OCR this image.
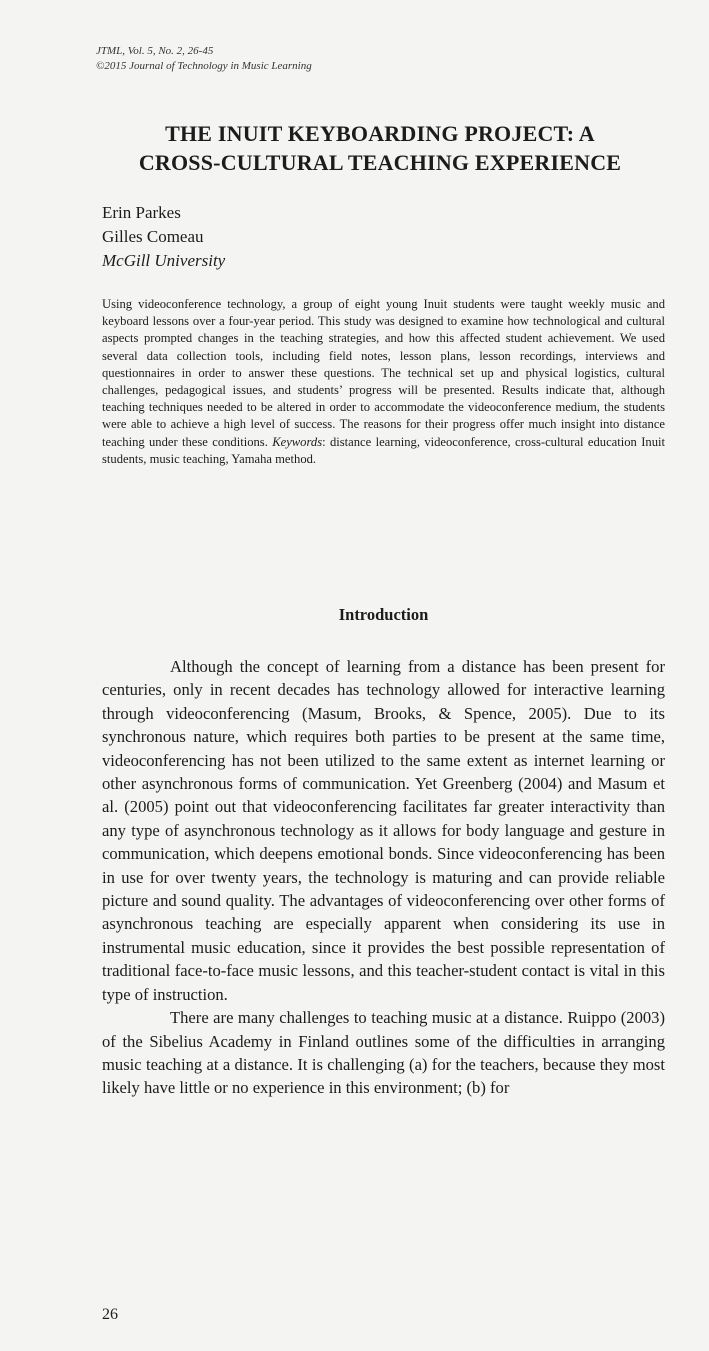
JTML, Vol. 5, No. 2, 26-45
©2015 Journal of Technology in Music Learning
THE INUIT KEYBOARDING PROJECT: A
CROSS-CULTURAL TEACHING EXPERIENCE
Erin Parkes
Gilles Comeau
McGill University
Using videoconference technology, a group of eight young Inuit students were taught weekly music and keyboard lessons over a four-year period. This study was designed to examine how technological and cultural aspects prompted changes in the teaching strategies, and how this affected student achievement. We used several data collection tools, including field notes, lesson plans, lesson recordings, interviews and questionnaires in order to answer these questions. The technical set up and physical logistics, cultural challenges, pedagogical issues, and students’ progress will be presented. Results indicate that, although teaching techniques needed to be altered in order to accommodate the videoconference medium, the students were able to achieve a high level of success. The reasons for their progress offer much insight into distance teaching under these conditions. Keywords: distance learning, videoconference, cross-cultural education Inuit students, music teaching, Yamaha method.
Introduction

Although the concept of learning from a distance has been present for centuries, only in recent decades has technology allowed for interactive learning through videoconferencing (Masum, Brooks, & Spence, 2005). Due to its synchronous nature, which requires both parties to be present at the same time, videoconferencing has not been utilized to the same extent as internet learning or other asynchronous forms of communication. Yet Greenberg (2004) and Masum et al. (2005) point out that videoconferencing facilitates far greater interactivity than any type of asynchronous technology as it allows for body language and gesture in communication, which deepens emotional bonds. Since videoconferencing has been in use for over twenty years, the technology is maturing and can provide reliable picture and sound quality. The advantages of videoconferencing over other forms of asynchronous teaching are especially apparent when considering its use in instrumental music education, since it provides the best possible representation of traditional face-to-face music lessons, and this teacher-student contact is vital in this type of instruction.

There are many challenges to teaching music at a distance. Ruippo (2003) of the Sibelius Academy in Finland outlines some of the difficulties in arranging music teaching at a distance. It is challenging (a) for the teachers, because they most likely have little or no experience in this environment; (b) for

26
